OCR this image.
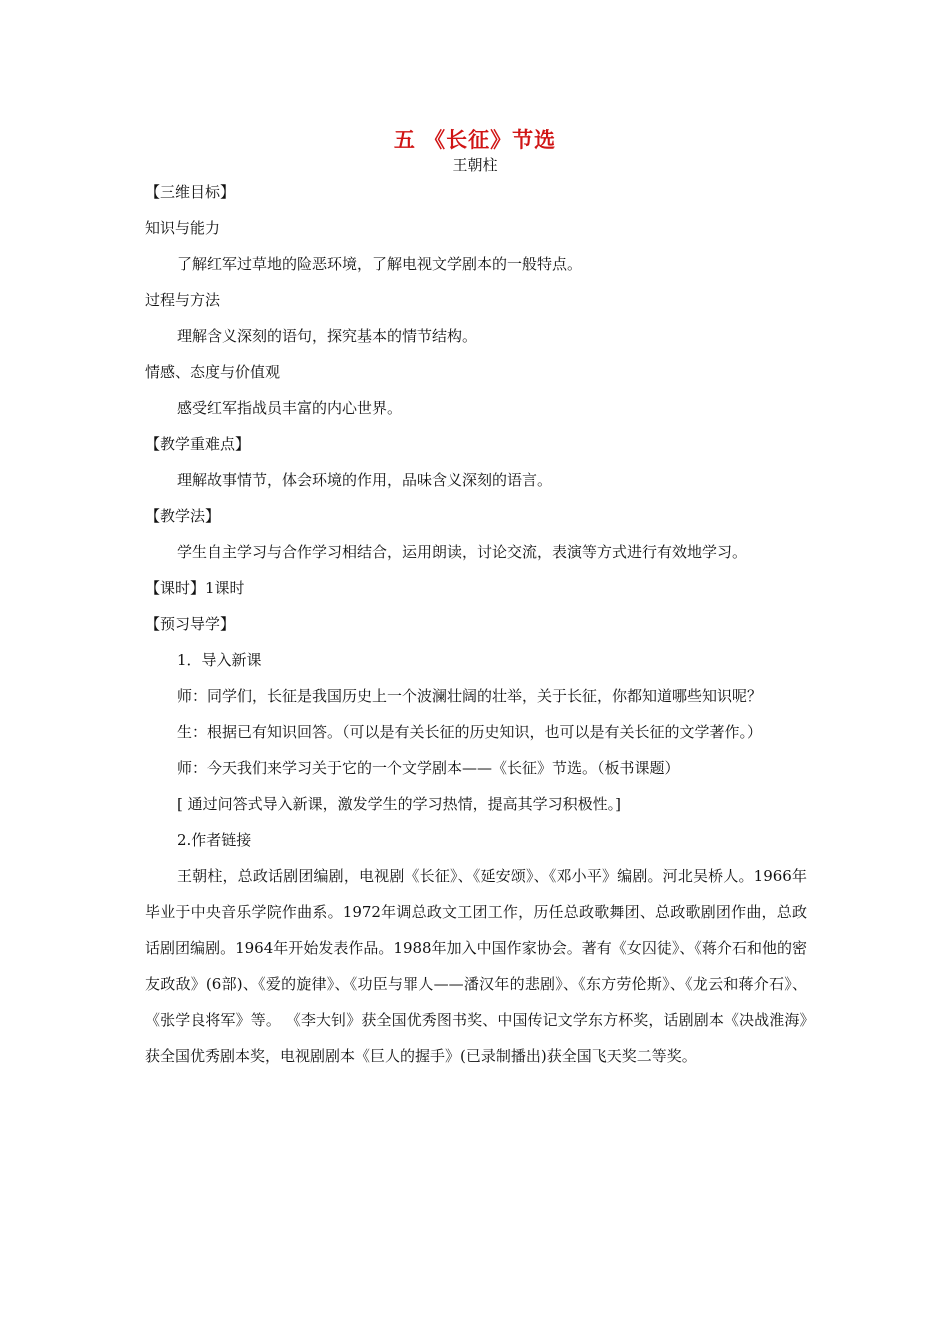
五 《长征》节选
王朝柱
【三维目标】
知识与能力
了解红军过草地的险恶环境，了解电视文学剧本的一般特点。
过程与方法
理解含义深刻的语句，探究基本的情节结构。
情感、态度与价值观
感受红军指战员丰富的内心世界。
【教学重难点】
理解故事情节，体会环境的作用，品味含义深刻的语言。
【教学法】
学生自主学习与合作学习相结合，运用朗读，讨论交流，表演等方式进行有效地学习。
【课时】1课时
【预习导学】
1．导入新课
师：同学们，长征是我国历史上一个波澜壮阔的壮举，关于长征，你都知道哪些知识呢？
生：根据已有知识回答。（可以是有关长征的历史知识，也可以是有关长征的文学著作。）
师：今天我们来学习关于它的一个文学剧本——《长征》节选。（板书课题）
[ 通过问答式导入新课，激发学生的学习热情，提高其学习积极性。]
2.作者链接
王朝柱，总政话剧团编剧，电视剧《长征》、《延安颂》、《邓小平》编剧。河北吴桥人。1966年毕业于中央音乐学院作曲系。1972年调总政文工团工作，历任总政歌舞团、总政歌剧团作曲，总政话剧团编剧。1964年开始发表作品。1988年加入中国作家协会。著有《女囚徒》、《蒋介石和他的密友政敌》(6部)、《爱的旋律》、《功臣与罪人——潘汉年的悲剧》、《东方劳伦斯》、《龙云和蒋介石》、《张学良将军》等。 《李大钊》获全国优秀图书奖、中国传记文学东方杯奖，话剧剧本《决战淮海》获全国优秀剧本奖，电视剧剧本《巨人的握手》(已录制播出)获全国飞天奖二等奖。
